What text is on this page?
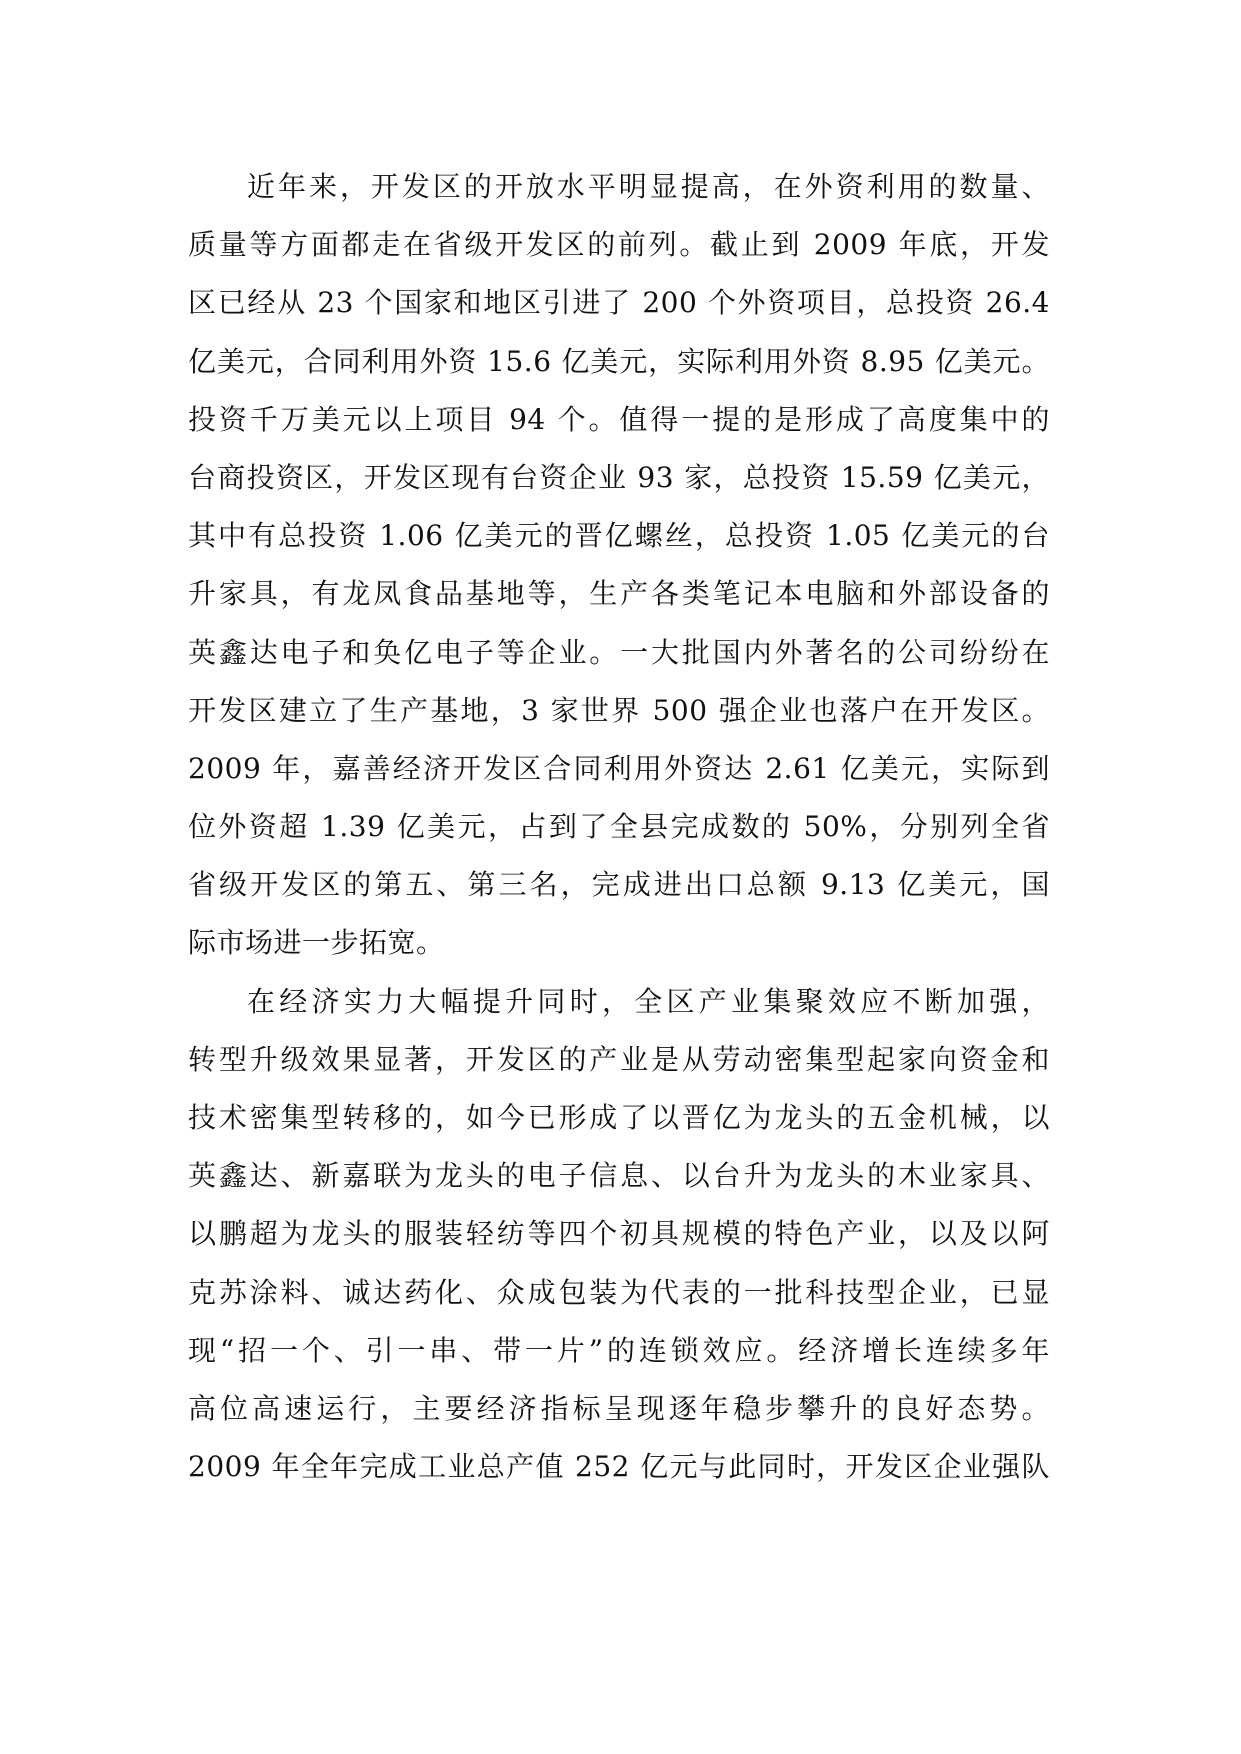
近年来，开发区的开放水平明显提高，在外资利用的数量、
质量等方面都走在省级开发区的前列。截止到 2009 年底，开发
区已经从 23 个国家和地区引进了 200 个外资项目，总投资 26.4
亿美元，合同利用外资 15.6 亿美元，实际利用外资 8.95 亿美元。
投资千万美元以上项目 94 个。值得一提的是形成了高度集中的
台商投资区，开发区现有台资企业 93 家，总投资 15.59 亿美元，
其中有总投资 1.06 亿美元的晋亿螺丝，总投资 1.05 亿美元的台
升家具，有龙凤食品基地等，生产各类笔记本电脑和外部设备的
英鑫达电子和奂亿电子等企业。一大批国内外著名的公司纷纷在
开发区建立了生产基地，3 家世界 500 强企业也落户在开发区。
2009 年，嘉善经济开发区合同利用外资达 2.61 亿美元，实际到
位外资超 1.39 亿美元，占到了全县完成数的 50%，分别列全省
省级开发区的第五、第三名，完成进出口总额 9.13 亿美元，国
际市场进一步拓宽。
在经济实力大幅提升同时，全区产业集聚效应不断加强，
转型升级效果显著，开发区的产业是从劳动密集型起家向资金和
技术密集型转移的，如今已形成了以晋亿为龙头的五金机械，以
英鑫达、新嘉联为龙头的电子信息、以台升为龙头的木业家具、
以鹏超为龙头的服装轻纺等四个初具规模的特色产业，以及以阿
克苏涂料、诚达药化、众成包装为代表的一批科技型企业，已显
现“招一个、引一串、带一片”的连锁效应。经济增长连续多年
高位高速运行，主要经济指标呈现逐年稳步攀升的良好态势。
2009 年全年完成工业总产值 252 亿元与此同时，开发区企业强队
